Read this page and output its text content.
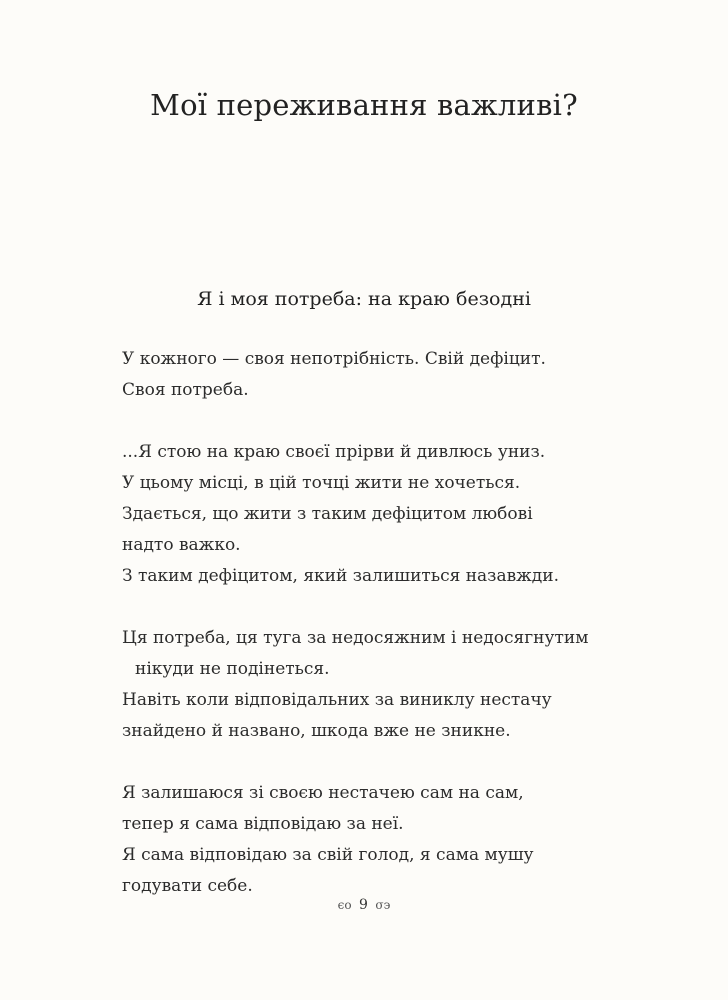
Мої переживання важливі?
Я і моя потреба: на краю безодні

У кожного — своя непотрібність. Свій дефіцит.
Своя потреба.

...Я стою на краю своєї прірви й дивлюсь униз.
У цьому місці, в цій точці жити не хочеться.
Здається, що жити з таким дефіцитом любові
надто важко.
З таким дефіцитом, який залишиться назавжди.

Ця потреба, ця туга за недосяжним і недосягнутим
нікуди не подінеться.
Навіть коли відповідальних за виниклу нестачу
знайдено й названо, шкода вже не зникне.

Я залишаюся зі своєю нестачею сам на сам,
тепер я сама відповідаю за неї.
Я сама відповідаю за свій голод, я сама мушу
годувати себе.

ϵο 9 σ϶
